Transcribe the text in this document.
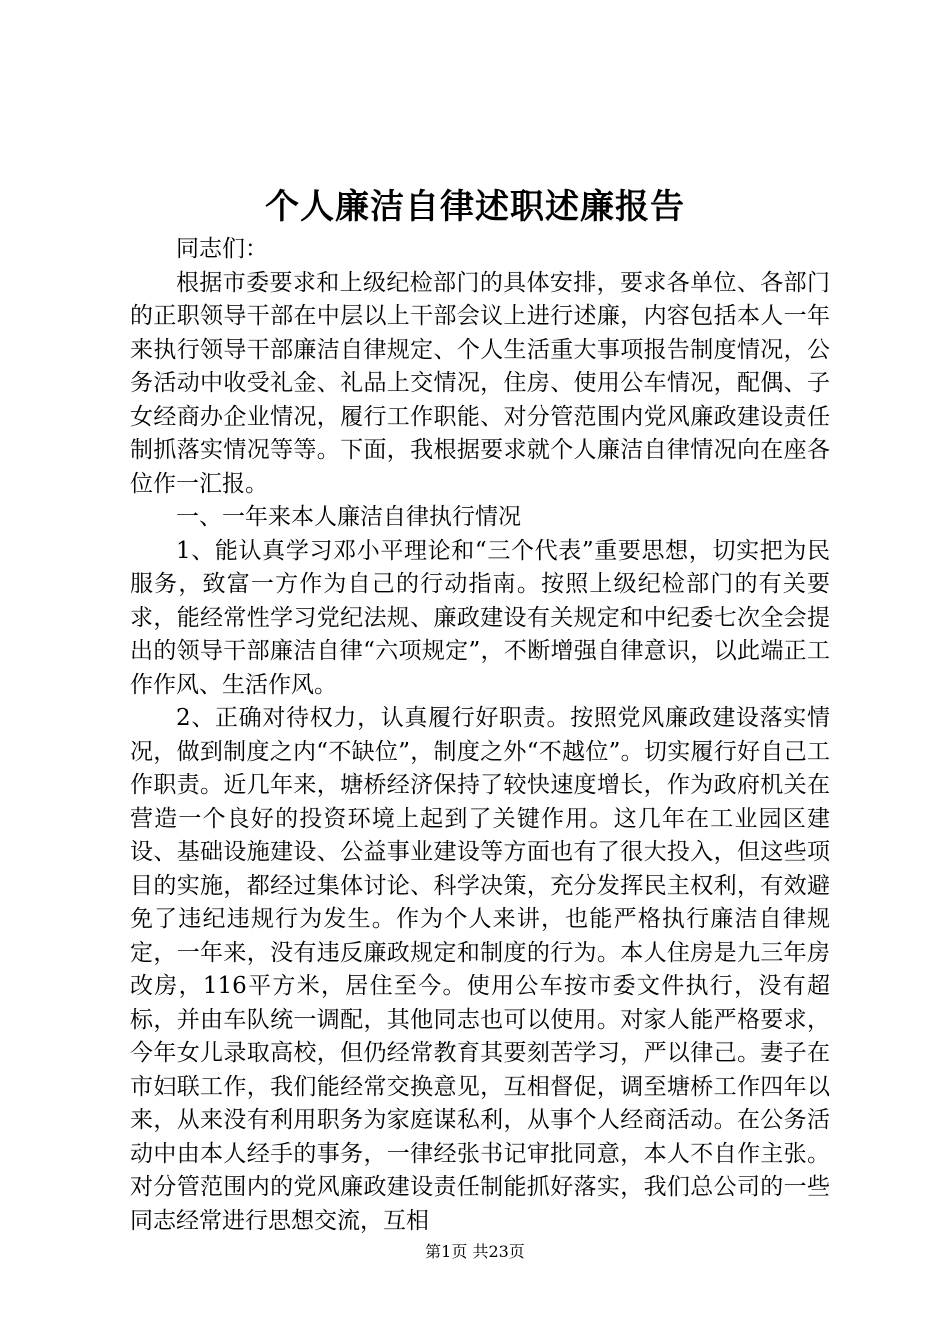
个人廉洁自律述职述廉报告

同志们：

根据市委要求和上级纪检部门的具体安排，要求各单位、各部门的正职领导干部在中层以上干部会议上进行述廉，内容包括本人一年来执行领导干部廉洁自律规定、个人生活重大事项报告制度情况，公务活动中收受礼金、礼品上交情况，住房、使用公车情况，配偶、子女经商办企业情况，履行工作职能、对分管范围内党风廉政建设责任制抓落实情况等等。下面，我根据要求就个人廉洁自律情况向在座各位作一汇报。

一、一年来本人廉洁自律执行情况

1、能认真学习邓小平理论和“三个代表”重要思想，切实把为民服务，致富一方作为自己的行动指南。按照上级纪检部门的有关要求，能经常性学习党纪法规、廉政建设有关规定和中纪委七次全会提出的领导干部廉洁自律“六项规定”，不断增强自律意识，以此端正工作作风、生活作风。

2、正确对待权力，认真履行好职责。按照党风廉政建设落实情况，做到制度之内“不缺位”，制度之外“不越位”。切实履行好自己工作职责。近几年来，塘桥经济保持了较快速度增长，作为政府机关在营造一个良好的投资环境上起到了关键作用。这几年在工业园区建设、基础设施建设、公益事业建设等方面也有了很大投入，但这些项目的实施，都经过集体讨论、科学决策，充分发挥民主权利，有效避免了违纪违规行为发生。作为个人来讲，也能严格执行廉洁自律规定，一年来，没有违反廉政规定和制度的行为。本人住房是九三年房改房，116平方米，居住至今。使用公车按市委文件执行，没有超标，并由车队统一调配，其他同志也可以使用。对家人能严格要求，今年女儿录取高校，但仍经常教育其要刻苦学习，严以律己。妻子在市妇联工作，我们能经常交换意见，互相督促，调至塘桥工作四年以来，从来没有利用职务为家庭谋私利，从事个人经商活动。在公务活动中由本人经手的事务，一律经张书记审批同意，本人不自作主张。对分管范围内的党风廉政建设责任制能抓好落实，我们总公司的一些同志经常进行思想交流，互相

第1页 共23页
